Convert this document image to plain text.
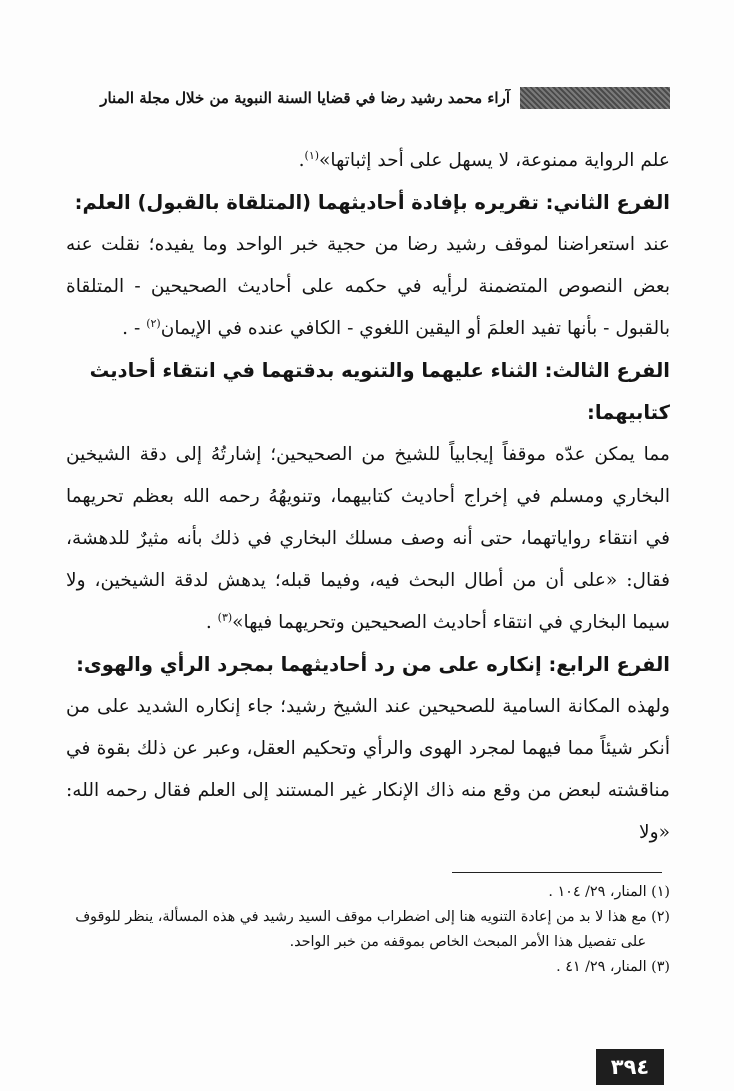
آراء محمد رشيد رضا في قضايا السنة النبوية من خلال مجلة المنار

علم الرواية ممنوعة، لا يسهل على أحد إثباتها»$^{(١)}$.

الفرع الثاني: تقريره بإفادة أحاديثهما (المتلقاة بالقبول) العلم:

عند استعراضنا لموقف رشيد رضا من حجية خبر الواحد وما يفيده؛ نقلت عنه بعض النصوص المتضمنة لرأيه في حكمه على أحاديث الصحيحين - المتلقاة بالقبول - بأنها تفيد العلمَ أو اليقين اللغوي - الكافي عنده في الإيمان$^{(٢)}$ - .

الفرع الثالث: الثناء عليهما والتنويه بدقتهما في انتقاء أحاديث كتابيهما:

مما يمكن عدّه موقفاً إيجابياً للشيخ من الصحيحين؛ إشارتُهُ إلى دقة الشيخين البخاري ومسلم في إخراج أحاديث كتابيهما، وتنويهُهُ رحمه الله بعظم تحريهما في انتقاء رواياتهما، حتى أنه وصف مسلك البخاري في ذلك بأنه مثيرٌ للدهشة، فقال: «على أن من أطال البحث فيه، وفيما قبله؛ يدهش لدقة الشيخين، ولا سيما البخاري في انتقاء أحاديث الصحيحين وتحريهما فيها»$^{(٣)}$ .

الفرع الرابع: إنكاره على من رد أحاديثهما بمجرد الرأي والهوى:

ولهذه المكانة السامية للصحيحين عند الشيخ رشيد؛ جاء إنكاره الشديد على من أنكر شيئاً مما فيهما لمجرد الهوى والرأي وتحكيم العقل، وعبر عن ذلك بقوة في مناقشته لبعض من وقع منه ذاك الإنكار غير المستند إلى العلم فقال رحمه الله: «ولا

(١) المنار، ٢٩/ ١٠٤ .

(٢) مع هذا لا بد من إعادة التنويه هنا إلى اضطراب موقف السيد رشيد في هذه المسألة، ينظر للوقوف

على تفصيل هذا الأمر المبحث الخاص بموقفه من خبر الواحد.

(٣) المنار، ٢٩/ ٤١ .

٣٩٤
